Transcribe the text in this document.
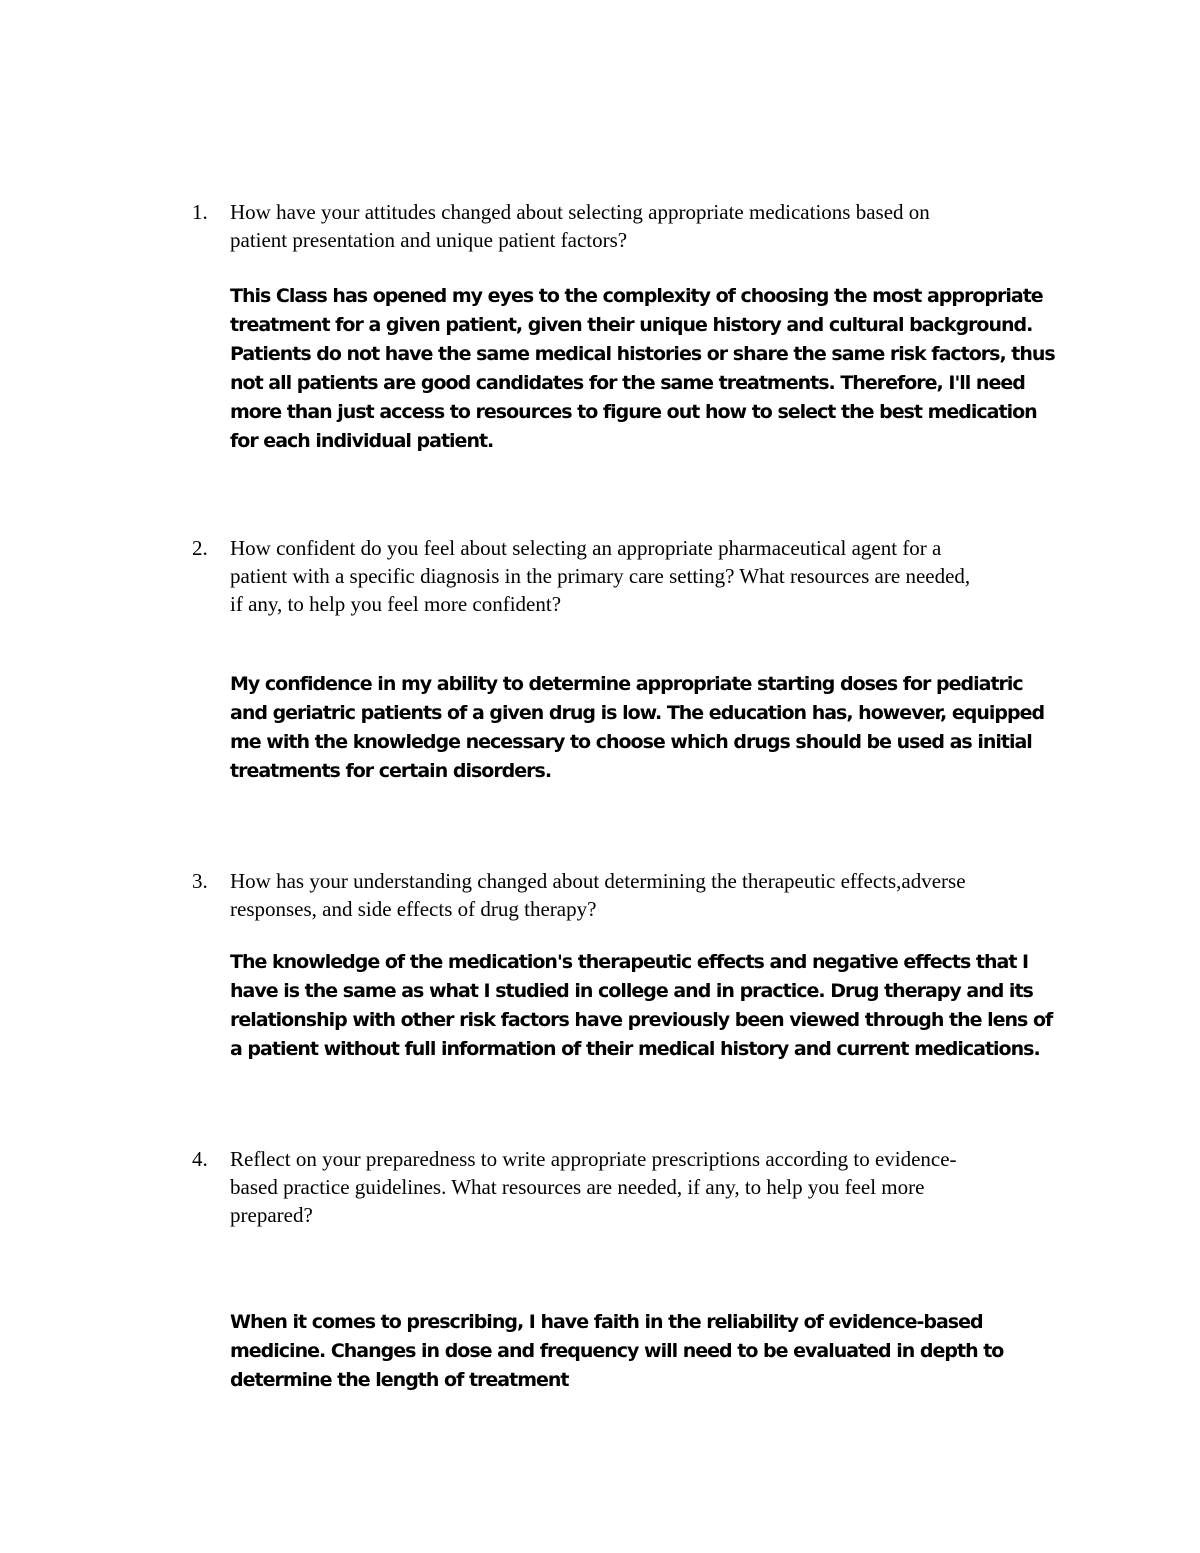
1. How have your attitudes changed about selecting appropriate medications based on
patient presentation and unique patient factors?
This Class has opened my eyes to the complexity of choosing the most appropriate
treatment for a given patient, given their unique history and cultural background.
Patients do not have the same medical histories or share the same risk factors, thus
not all patients are good candidates for the same treatments. Therefore, I'll need
more than just access to resources to figure out how to select the best medication
for each individual patient.
2. How confident do you feel about selecting an appropriate pharmaceutical agent for a
patient with a specific diagnosis in the primary care setting? What resources are needed,
if any, to help you feel more confident?
My confidence in my ability to determine appropriate starting doses for pediatric
and geriatric patients of a given drug is low. The education has, however, equipped
me with the knowledge necessary to choose which drugs should be used as initial
treatments for certain disorders.
3. How has your understanding changed about determining the therapeutic effects,adverse
responses, and side effects of drug therapy?
The knowledge of the medication's therapeutic effects and negative effects that I
have is the same as what I studied in college and in practice. Drug therapy and its
relationship with other risk factors have previously been viewed through the lens of
a patient without full information of their medical history and current medications.
4. Reflect on your preparedness to write appropriate prescriptions according to evidence-
based practice guidelines. What resources are needed, if any, to help you feel more
prepared?
When it comes to prescribing, I have faith in the reliability of evidence-based
medicine. Changes in dose and frequency will need to be evaluated in depth to
determine the length of treatment
